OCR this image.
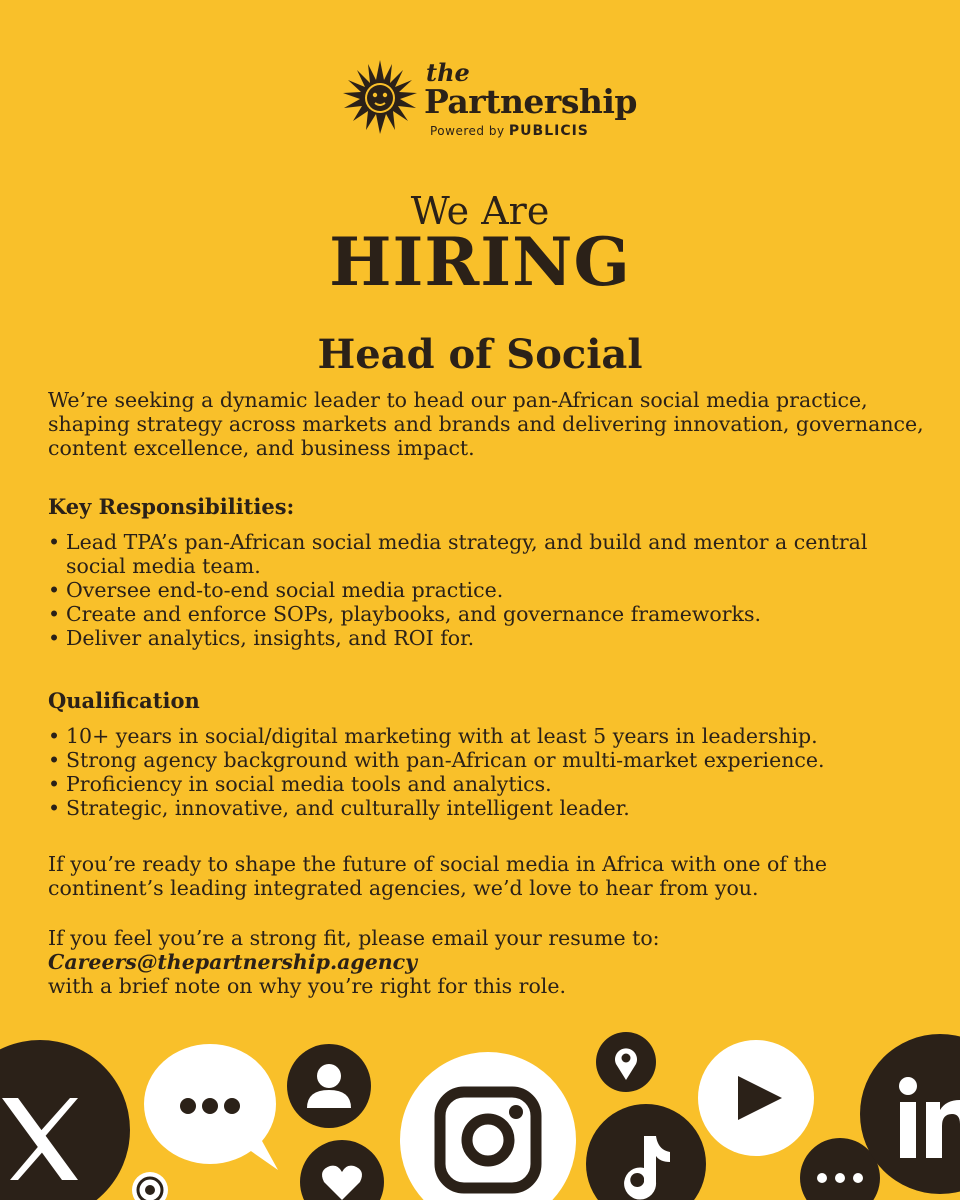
the
Partnership
Powered by PUBLICIS
We Are
HIRING
Head of Social
We’re seeking a dynamic leader to head our pan-African social media practice, shaping strategy across markets and brands and delivering innovation, governance, content excellence, and business impact.
Key Responsibilities:
• Lead TPA’s pan-African social media strategy, and build and mentor a central social media team.
• Oversee end-to-end social media practice.
• Create and enforce SOPs, playbooks, and governance frameworks.
• Deliver analytics, insights, and ROI for.
Qualification
• 10+ years in social/digital marketing with at least 5 years in leadership.
• Strong agency background with pan-African or multi-market experience.
• Proficiency in social media tools and analytics.
• Strategic, innovative, and culturally intelligent leader.
If you’re ready to shape the future of social media in Africa with one of the continent’s leading integrated agencies, we’d love to hear from you.
If you feel you’re a strong fit, please email your resume to:
Careers@thepartnership.agency
with a brief note on why you’re right for this role.
